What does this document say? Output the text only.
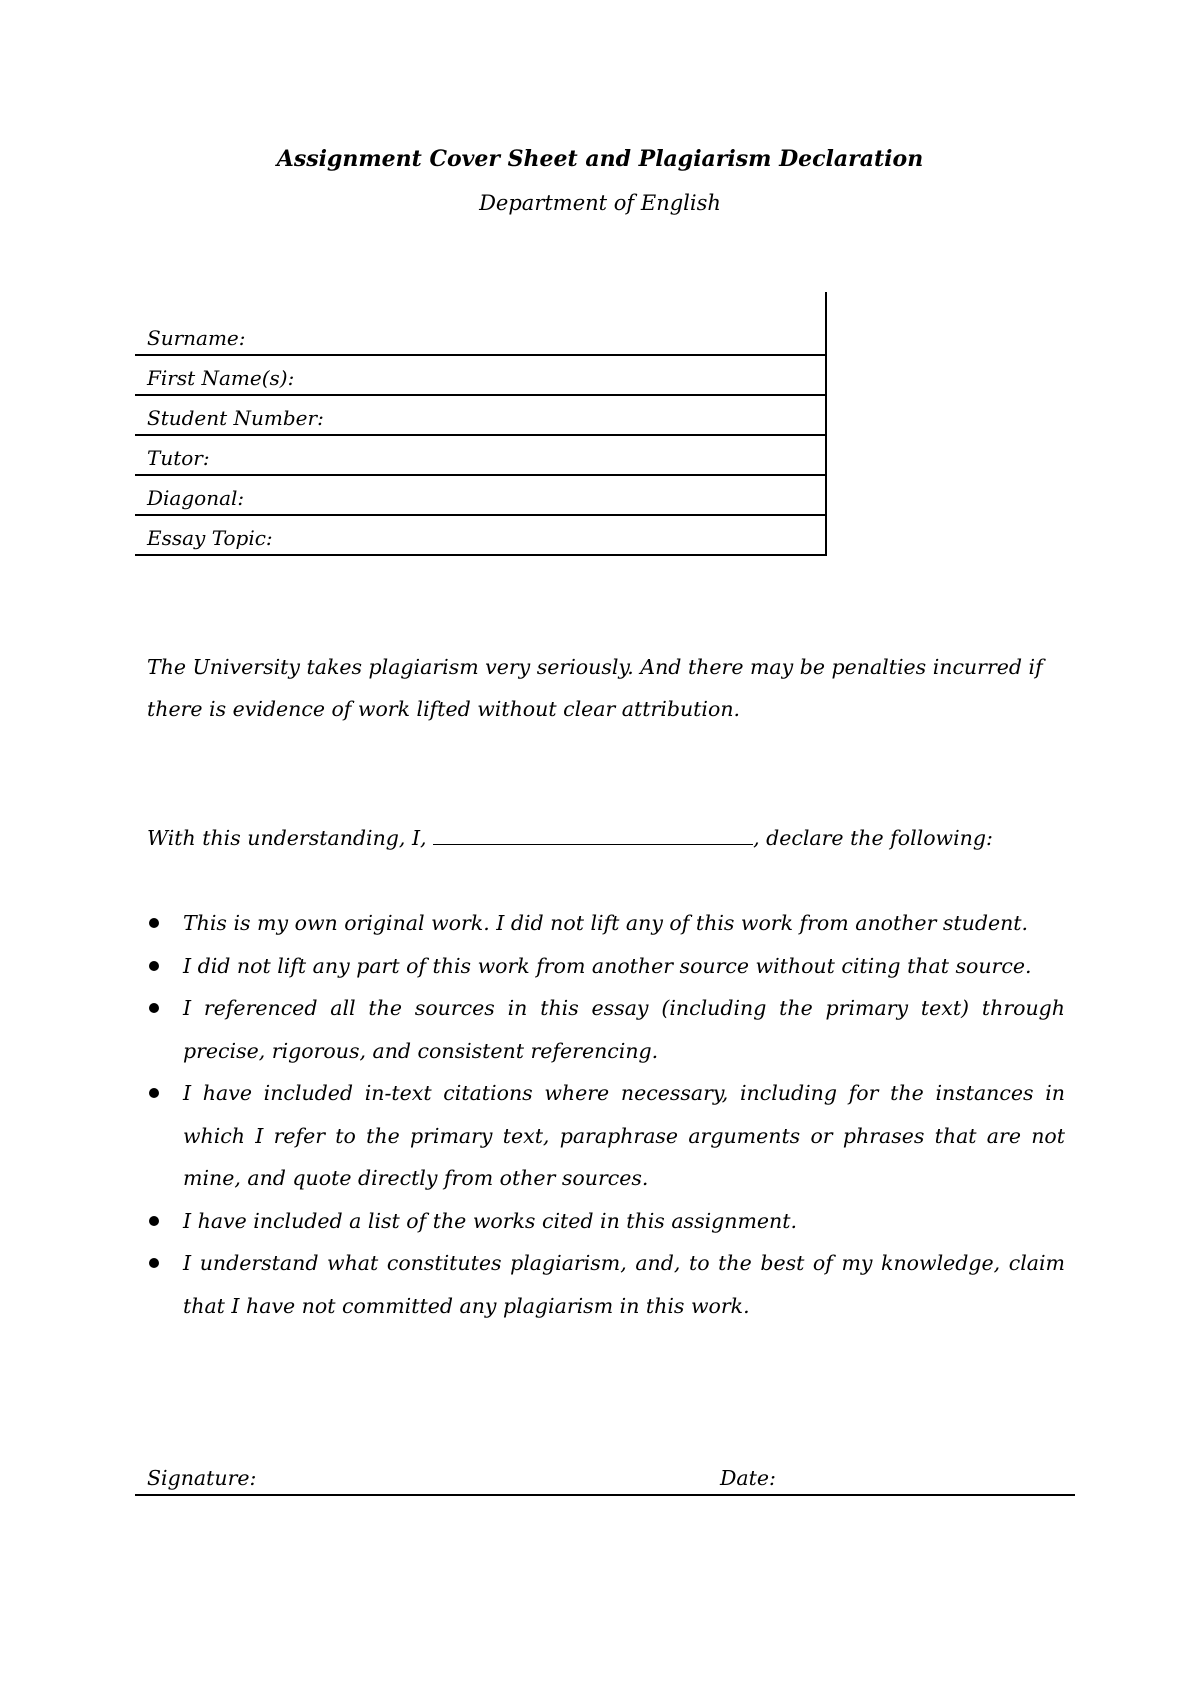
Assignment Cover Sheet and Plagiarism Declaration
Department of English
Surname:
First Name(s):
Student Number:
Tutor:
Diagonal:
Essay Topic:
The University takes plagiarism very seriously. And there may be penalties incurred if there is evidence of work lifted without clear attribution.
With this understanding, I,	, declare the following:
This is my own original work. I did not lift any of this work from another student.
I did not lift any part of this work from another source without citing that source.
I referenced all the sources in this essay (including the primary text) through precise, rigorous, and consistent referencing.
I have included in-text citations where necessary, including for the instances in which I refer to the primary text, paraphrase arguments or phrases that are not mine, and quote directly from other sources.
I have included a list of the works cited in this assignment.
I understand what constitutes plagiarism, and, to the best of my knowledge, claim that I have not committed any plagiarism in this work.
Signature:	Date:
